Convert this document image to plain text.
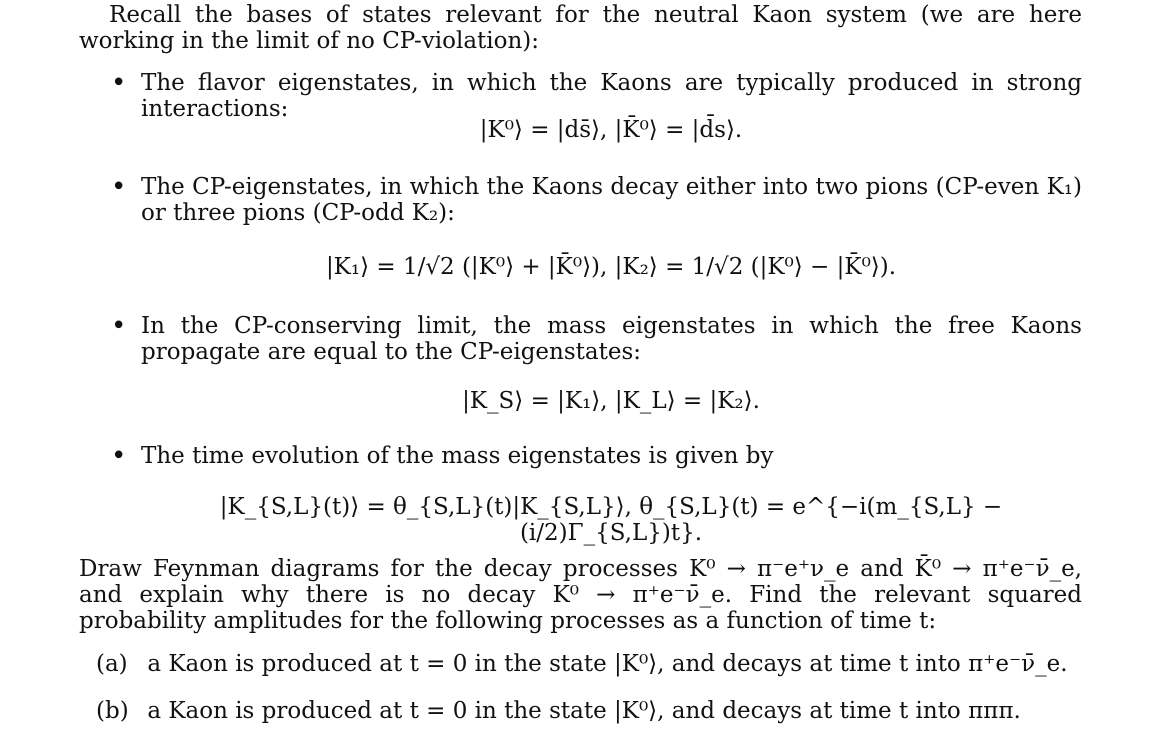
Recall the bases of states relevant for the neutral Kaon system (we are here working in the limit of no CP-violation):
• The flavor eigenstates, in which the Kaons are typically produced in strong interactions:
|K⁰⟩ = |ds̄⟩, |K̄⁰⟩ = |d̄s⟩.
• The CP-eigenstates, in which the Kaons decay either into two pions (CP-even K₁) or three pions (CP-odd K₂):
|K₁⟩ = 1/√2 (|K⁰⟩ + |K̄⁰⟩), |K₂⟩ = 1/√2 (|K⁰⟩ − |K̄⁰⟩).
• In the CP-conserving limit, the mass eigenstates in which the free Kaons propagate are equal to the CP-eigenstates:
|K_S⟩ = |K₁⟩, |K_L⟩ = |K₂⟩.
• The time evolution of the mass eigenstates is given by
|K_{S,L}(t)⟩ = θ_{S,L}(t)|K_{S,L}⟩, θ_{S,L}(t) = e^{−i(m_{S,L} − (i/2)Γ_{S,L})t}.
Draw Feynman diagrams for the decay processes K⁰ → π⁻e⁺ν_e and K̄⁰ → π⁺e⁻ν̄_e, and explain why there is no decay K⁰ → π⁺e⁻ν̄_e. Find the relevant squared probability amplitudes for the following processes as a function of time t:
(a) a Kaon is produced at t = 0 in the state |K⁰⟩, and decays at time t into π⁺e⁻ν̄_e.
(b) a Kaon is produced at t = 0 in the state |K⁰⟩, and decays at time t into πππ.
